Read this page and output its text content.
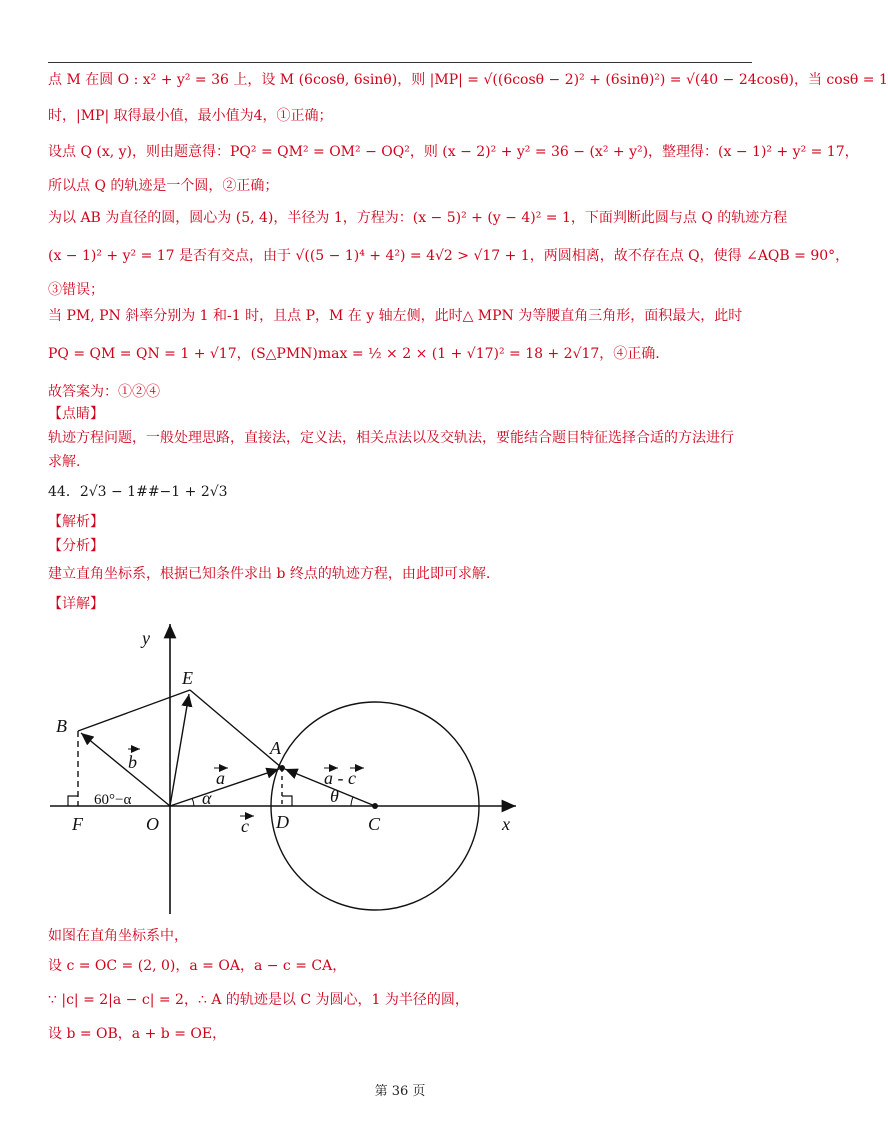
点 M 在圆 O : x² + y² = 36 上，设 M (6cosθ, 6sinθ)，则 |MP| = √((6cosθ − 2)² + (6sinθ)²) = √(40 − 24cosθ)，当 cosθ = 1
时，|MP| 取得最小值，最小值为4，①正确；
设点 Q (x, y)，则由题意得：PQ² = QM² = OM² − OQ²，则 (x − 2)² + y² = 36 − (x² + y²)，整理得：(x − 1)² + y² = 17，
所以点 Q 的轨迹是一个圆，②正确；
为以 AB 为直径的圆，圆心为 (5, 4)，半径为 1，方程为：(x − 5)² + (y − 4)² = 1，下面判断此圆与点 Q 的轨迹方程
(x − 1)² + y² = 17 是否有交点，由于 √((5 − 1)⁴ + 4²) = 4√2 > √17 + 1，两圆相离，故不存在点 Q，使得 ∠AQB = 90°，
③错误；
当 PM, PN 斜率分别为 1 和-1 时，且点 P，M 在 y 轴左侧，此时△ MPN 为等腰直角三角形，面积最大，此时
PQ = QM = QN = 1 + √17，(S△PMN)max = ½ × 2 × (1 + √17)² = 18 + 2√17，④正确.
故答案为：①②④
【点睛】
轨迹方程问题，一般处理思路，直接法，定义法，相关点法以及交轨法，要能结合题目特征选择合适的方法进行
求解.
44．2√3 − 1##−1 + 2√3
【解析】
【分析】
建立直角坐标系，根据已知条件求出 b 终点的轨迹方程，由此即可求解.
【详解】
y
x
E
B
A
F	O	D	C
b
a
c
a - c
60°−α	α	θ
如图在直角坐标系中，
设 c = OC = (2, 0)，a = OA，a − c = CA，
∵ |c| = 2|a − c| = 2，∴ A 的轨迹是以 C 为圆心，1 为半径的圆，
设 b = OB，a + b = OE，
第 36 页
